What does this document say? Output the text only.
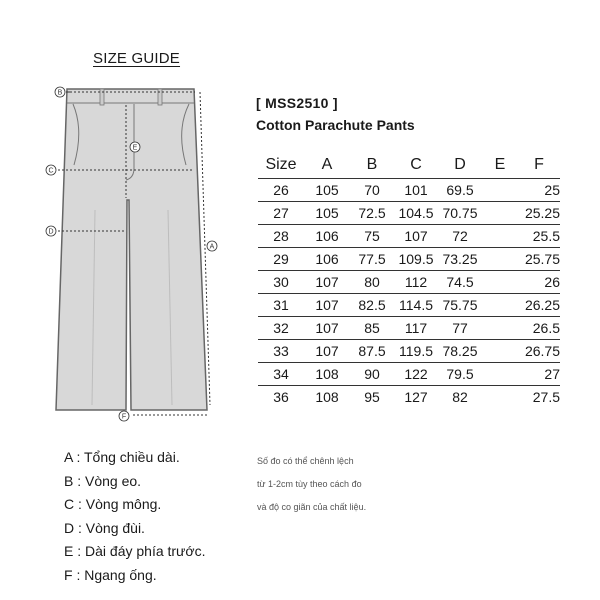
SIZE GUIDE
B
C
D
E
A
F
[ MSS2510 ]
Cotton Parachute Pants
Size	A	B	C	D	E	F
26	105	70	101	69.5		25
27	105	72.5	104.5	70.75		25.25
28	106	75	107	72		25.5
29	106	77.5	109.5	73.25		25.75
30	107	80	112	74.5		26
31	107	82.5	114.5	75.75		26.25
32	107	85	117	77		26.5
33	107	87.5	119.5	78.25		26.75
34	108	90	122	79.5		27
36	108	95	127	82		27.5
A : Tổng chiều dài.
B : Vòng eo.
C : Vòng mông.
D : Vòng đùi.
E : Dài đáy phía trước.
F : Ngang ống.
Số đo có thể chênh lệch
từ 1-2cm tùy theo cách đo
và độ co giãn của chất liệu.
